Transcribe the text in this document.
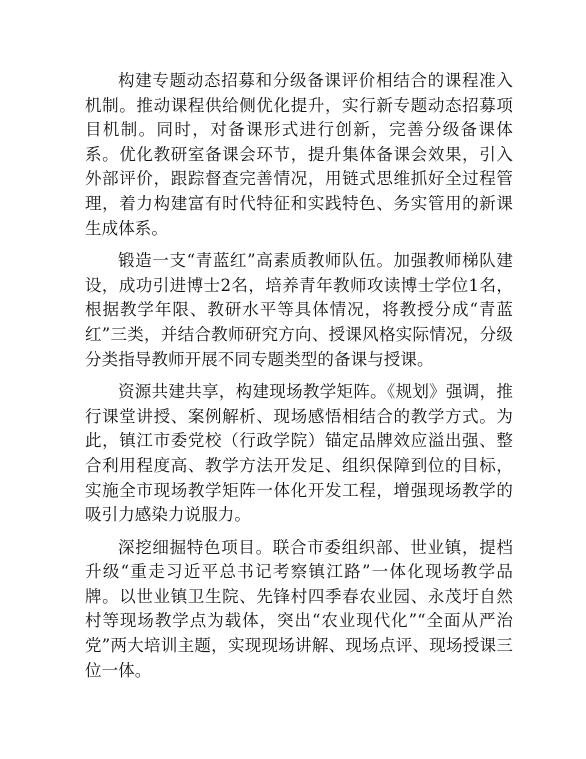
构建专题动态招募和分级备课评价相结合的课程准入机制。推动课程供给侧优化提升，实行新专题动态招募项目机制。同时，对备课形式进行创新，完善分级备课体系。优化教研室备课会环节，提升集体备课会效果，引入外部评价，跟踪督查完善情况，用链式思维抓好全过程管理，着力构建富有时代特征和实践特色、务实管用的新课生成体系。

锻造一支“青蓝红”高素质教师队伍。加强教师梯队建设，成功引进博士2名，培养青年教师攻读博士学位1名，根据教学年限、教研水平等具体情况，将教授分成“青蓝红”三类，并结合教师研究方向、授课风格实际情况，分级分类指导教师开展不同专题类型的备课与授课。

资源共建共享，构建现场教学矩阵。《规划》强调，推行课堂讲授、案例解析、现场感悟相结合的教学方式。为此，镇江市委党校（行政学院）锚定品牌效应溢出强、整合利用程度高、教学方法开发足、组织保障到位的目标，实施全市现场教学矩阵一体化开发工程，增强现场教学的吸引力感染力说服力。

深挖细掘特色项目。联合市委组织部、世业镇，提档升级“重走习近平总书记考察镇江路”一体化现场教学品牌。以世业镇卫生院、先锋村四季春农业园、永茂圩自然村等现场教学点为载体，突出“农业现代化”“全面从严治党”两大培训主题，实现现场讲解、现场点评、现场授课三位一体。
